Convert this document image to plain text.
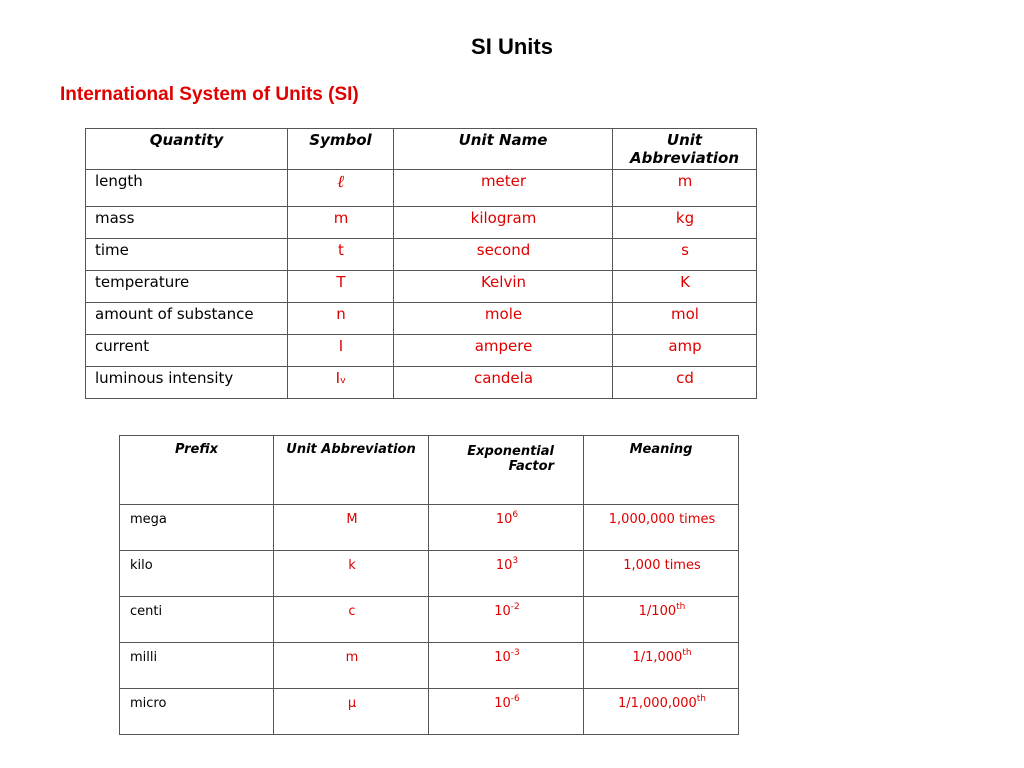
SI Units
International System of Units (SI)
Quantity	Symbol	Unit Name	Unit Abbreviation
length	ℓ	meter	m
mass	m	kilogram	kg
time	t	second	s
temperature	T	Kelvin	K
amount of substance	n	mole	mol
current	I	ampere	amp
luminous intensity	Iᵥ	candela	cd
Prefix	Unit Abbreviation	Exponential Factor	Meaning
mega	M	$10^6$	1,000,000 times
kilo	k	$10^3$	1,000 times
centi	c	$10^{-2}$	1/100th
milli	m	$10^{-3}$	1/1,000th
micro	μ	$10^{-6}$	1/1,000,000th
